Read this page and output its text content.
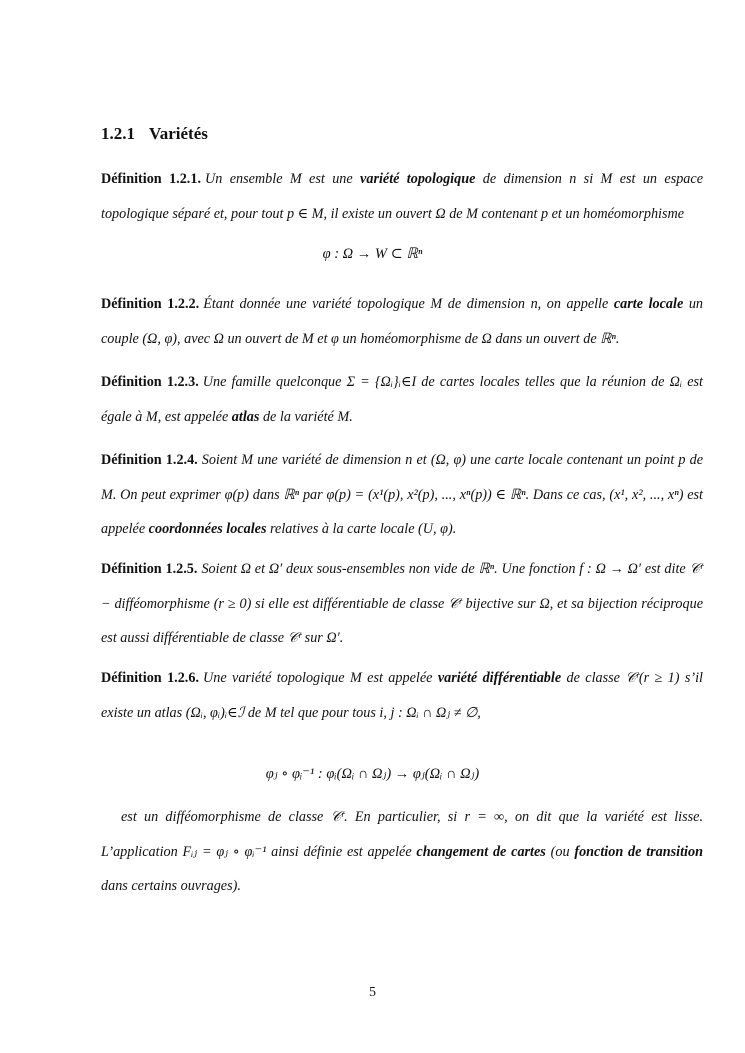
1.2.1 Variétés
Définition 1.2.1. Un ensemble M est une variété topologique de dimension n si M est un espace topologique séparé et, pour tout p ∈ M, il existe un ouvert Ω de M contenant p et un homéomorphisme
φ : Ω → W ⊂ ℝⁿ
Définition 1.2.2. Étant donnée une variété topologique M de dimension n, on appelle carte locale un couple (Ω, φ), avec Ω un ouvert de M et φ un homéomorphisme de Ω dans un ouvert de ℝⁿ.
Définition 1.2.3. Une famille quelconque Σ = {Ωᵢ}ᵢ∈I de cartes locales telles que la réunion de Ωᵢ est égale à M, est appelée atlas de la variété M.
Définition 1.2.4. Soient M une variété de dimension n et (Ω, φ) une carte locale contenant un point p de M. On peut exprimer φ(p) dans ℝⁿ par φ(p) = (x¹(p), x²(p), ..., xⁿ(p)) ∈ ℝⁿ. Dans ce cas, (x¹, x², ..., xⁿ) est appelée coordonnées locales relatives à la carte locale (U, φ).
Définition 1.2.5. Soient Ω et Ω′ deux sous-ensembles non vide de ℝⁿ. Une fonction f : Ω → Ω′ est dite 𝒞ʳ − difféomorphisme (r ≥ 0) si elle est différentiable de classe 𝒞ʳ bijective sur Ω, et sa bijection réciproque est aussi différentiable de classe 𝒞ʳ sur Ω′.
Définition 1.2.6. Une variété topologique M est appelée variété différentiable de classe 𝒞ʳ(r ≥ 1) s’il existe un atlas (Ωᵢ, φᵢ)ᵢ∈ℐ de M tel que pour tous i, j : Ωᵢ ∩ Ωⱼ ≠ ∅,
φⱼ ∘ φᵢ⁻¹ : φᵢ(Ωᵢ ∩ Ωⱼ) → φⱼ(Ωᵢ ∩ Ωⱼ)
est un difféomorphisme de classe 𝒞ʳ. En particulier, si r = ∞, on dit que la variété est lisse. L’application Fᵢⱼ = φⱼ ∘ φᵢ⁻¹ ainsi définie est appelée changement de cartes (ou fonction de transition dans certains ouvrages).
5
